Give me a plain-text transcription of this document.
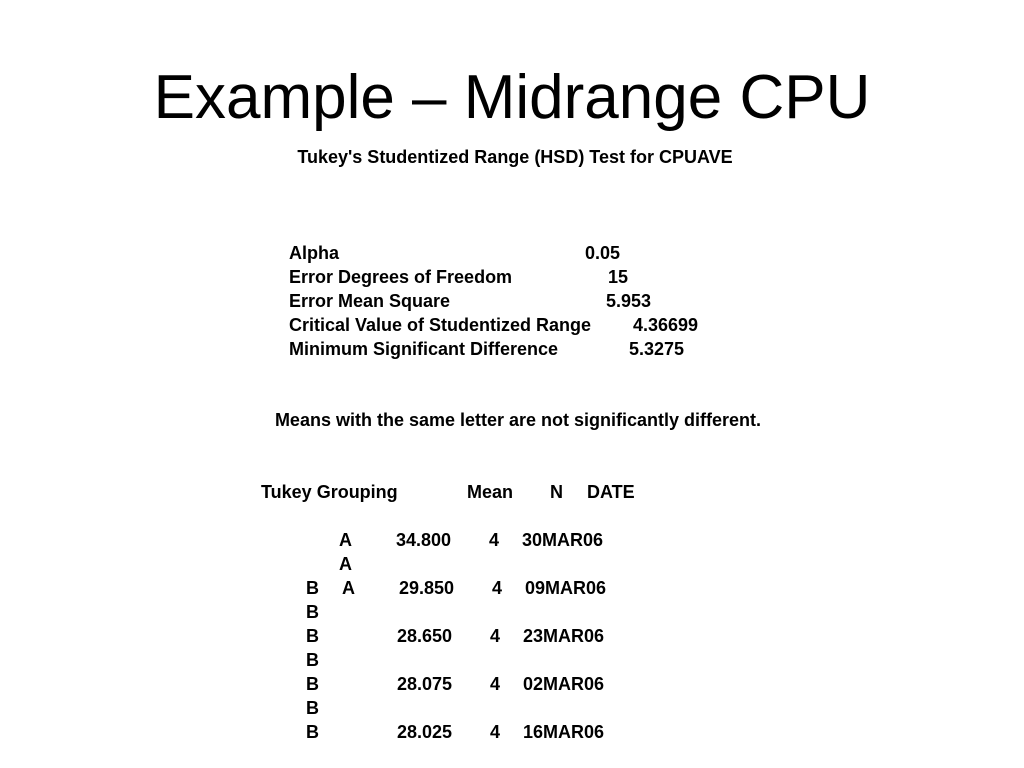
Example – Midrange CPU
Tukey's Studentized Range (HSD) Test for CPUAVE
Alpha	0.05
Error Degrees of Freedom	15
Error Mean Square	5.953
Critical Value of Studentized Range 4.36699
Minimum Significant Difference	5.3275
Means with the same letter are not significantly different.
Tukey Grouping	Mean N DATE
A 34.800 4 30MAR06
A
B A 29.850 4 09MAR06
B
B	28.650 4 23MAR06
B
B	28.075 4 02MAR06
B
B	28.025 4 16MAR06
